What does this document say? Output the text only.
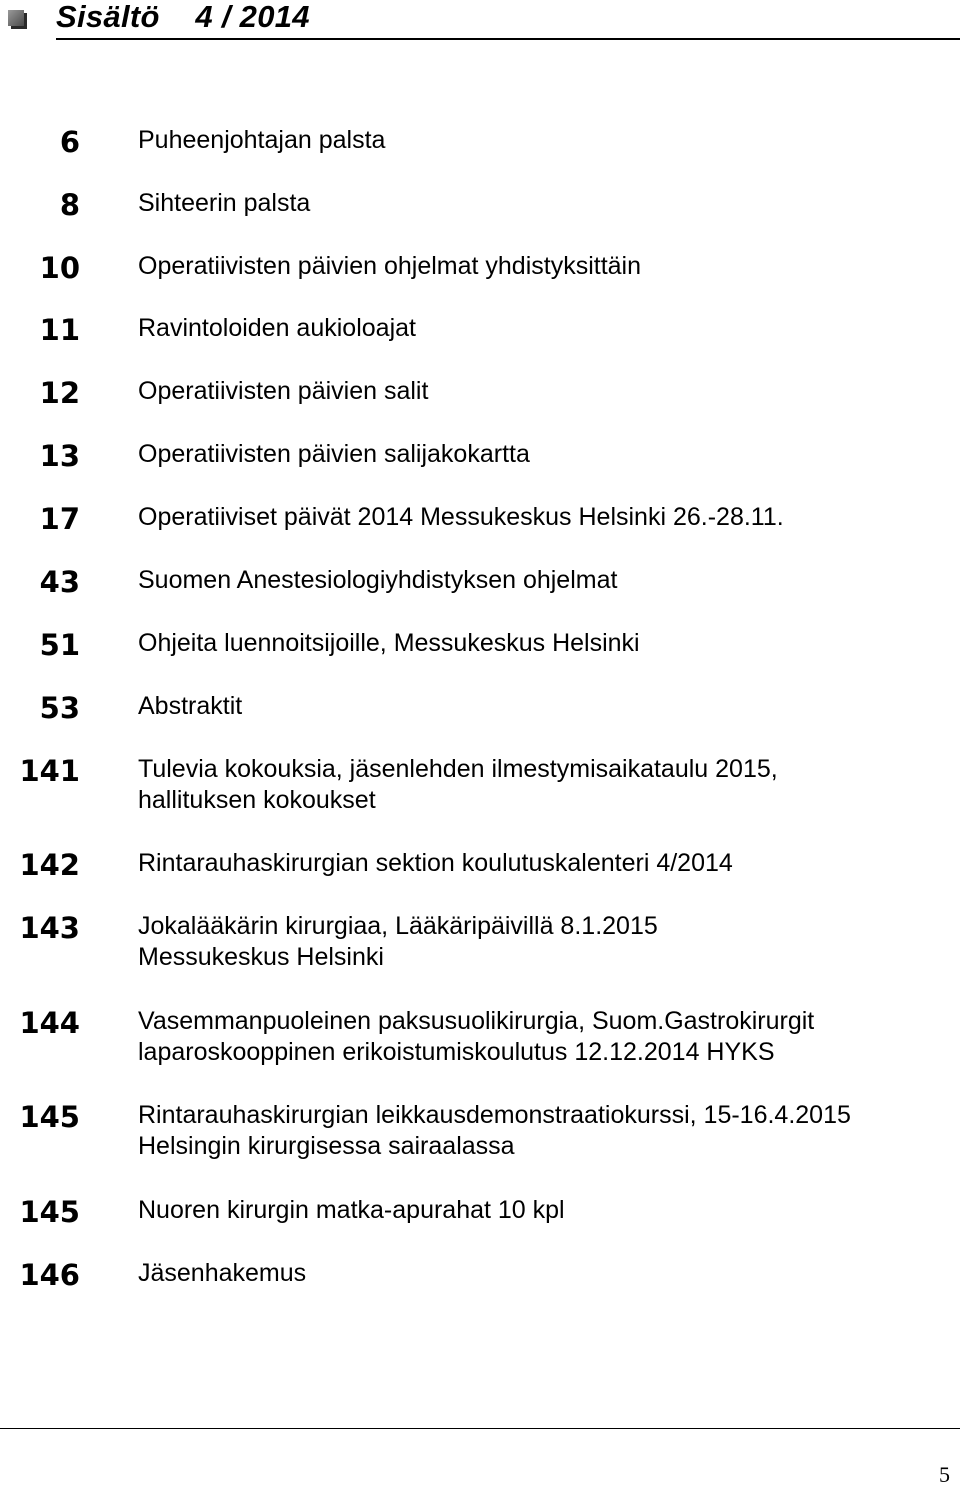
Sisältö    4 / 2014
6 Puheenjohtajan palsta
8 Sihteerin palsta
10 Operatiivisten päivien ohjelmat yhdistyksittäin
11 Ravintoloiden aukioloajat
12 Operatiivisten päivien salit
13 Operatiivisten päivien salijakokartta
17 Operatiiviset päivät 2014 Messukeskus Helsinki 26.-28.11.
43 Suomen Anestesiologiyhdistyksen ohjelmat
51 Ohjeita luennoitsijoille, Messukeskus Helsinki
53 Abstraktit
141 Tulevia kokouksia, jäsenlehden ilmestymisaikataulu 2015,
hallituksen kokoukset
142 Rintarauhaskirurgian sektion koulutuskalenteri 4/2014
143 Jokalääkärin kirurgiaa, Lääkäripäivillä 8.1.2015
Messukeskus Helsinki
144 Vasemmanpuoleinen paksusuolikirurgia, Suom.Gastrokirurgit
laparoskooppinen erikoistumiskoulutus 12.12.2014 HYKS
145 Rintarauhaskirurgian leikkausdemonstraatiokurssi, 15-16.4.2015
Helsingin kirurgisessa sairaalassa
145 Nuoren kirurgin matka-apurahat 10 kpl
146 Jäsenhakemus
5
